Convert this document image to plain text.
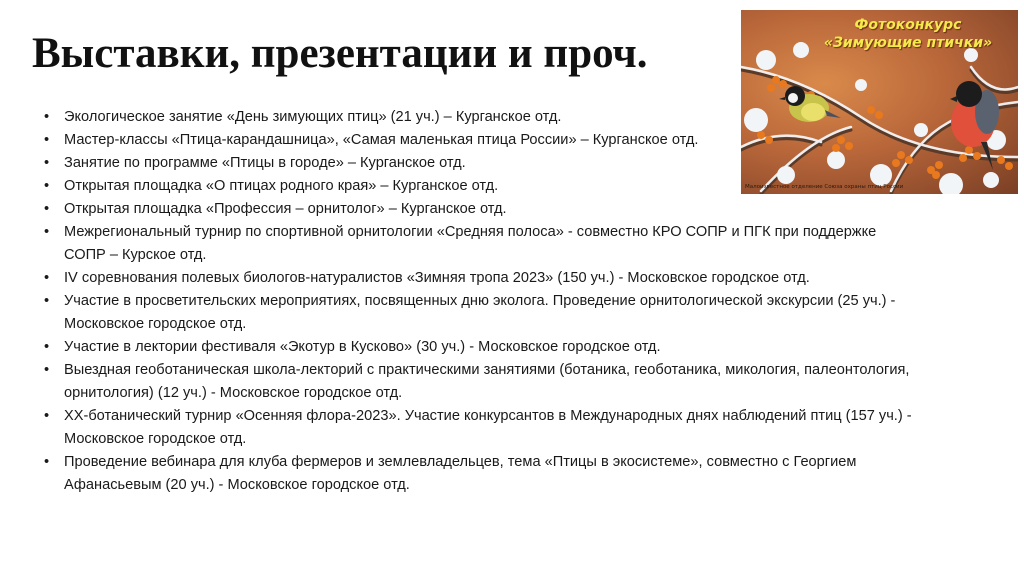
Выставки, презентации и проч.
•	Экологическое занятие «День зимующих птиц» (21 уч.) – Курганское отд.
•	Мастер-классы «Птица-карандашница», «Самая маленькая птица России» – Курганское отд.
•	Занятие по программе «Птицы в городе» – Курганское отд.
•	Открытая площадка «О птицах родного края» – Курганское отд.
•	Открытая площадка «Профессия – орнитолог» – Курганское отд.
•	Межрегиональный турнир по спортивной орнитологии «Средняя полоса» - совместно КРО СОПР и ПГК при поддержке СОПР – Курское отд.
•	IV соревнования полевых биологов-натуралистов «Зимняя тропа 2023» (150 уч.) - Московское городское отд.
•	Участие в просветительских мероприятиях, посвященных дню эколога. Проведение орнитологической экскурсии (25 уч.) - Московское городское отд.
•	Участие в лектории фестиваля «Экотур в Кусково» (30 уч.) - Московское городское отд.
•	Выездная геоботаническая школа-лекторий с практическими занятиями (ботаника, геоботаника, микология, палеонтология, орнитология) (12 уч.) - Московское городское отд.
•	XX-ботанический турнир «Осенняя флора-2023». Участие конкурсантов в Международных днях наблюдений птиц (157 уч.) - Московское городское отд.
•	Проведение вебинара для клуба фермеров и землевладельцев, тема «Птицы в экосистеме», совместно с Георгием Афанасьевым (20 уч.) - Московское городское отд.
Фотоконкурс
«Зимующие птички»
Малоизвестное отделение Союза охраны птиц России
